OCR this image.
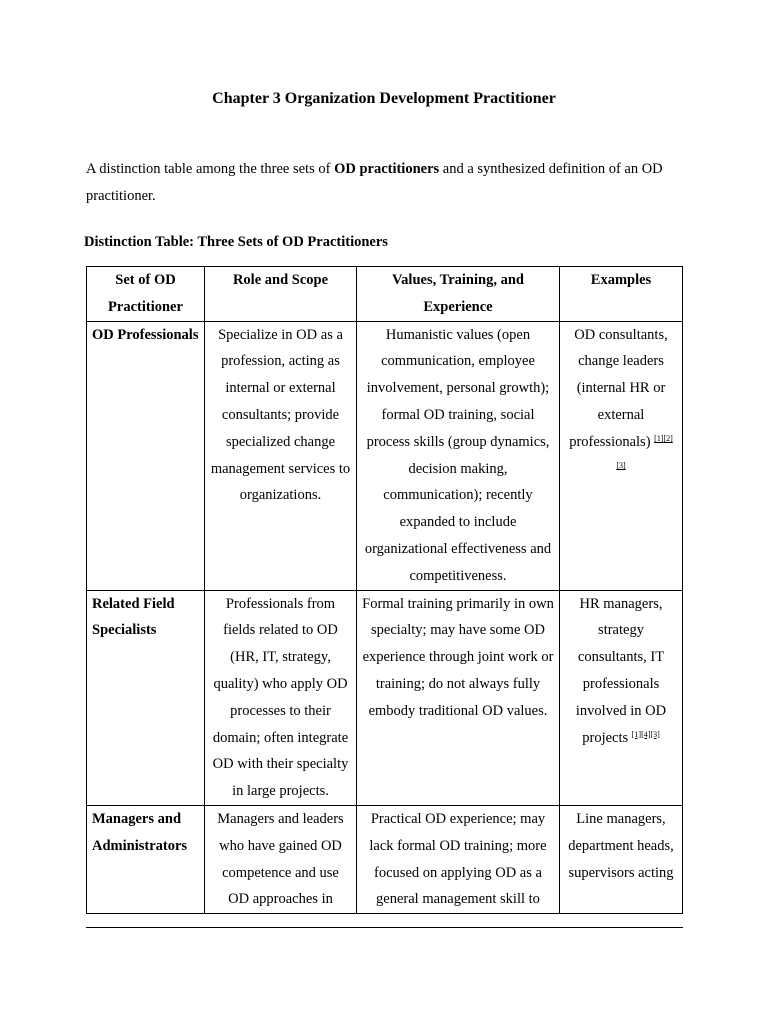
Chapter 3 Organization Development Practitioner
A distinction table among the three sets of OD practitioners and a synthesized definition of an OD practitioner.
Distinction Table: Three Sets of OD Practitioners
Set of OD Practitioner	Role and Scope	Values, Training, and Experience	Examples
OD Professionals	Specialize in OD as a profession, acting as internal or external consultants; provide specialized change management services to organizations.	Humanistic values (open communication, employee involvement, personal growth); formal OD training, social process skills (group dynamics, decision making, communication); recently expanded to include organizational effectiveness and competitiveness.	OD consultants, change leaders (internal HR or external professionals) [1][2][3]
Related Field Specialists	Professionals from fields related to OD (HR, IT, strategy, quality) who apply OD processes to their domain; often integrate OD with their specialty in large projects.	Formal training primarily in own specialty; may have some OD experience through joint work or training; do not always fully embody traditional OD values.	HR managers, strategy consultants, IT professionals involved in OD projects [1][4][3]
Managers and Administrators	Managers and leaders who have gained OD competence and use OD approaches in	Practical OD experience; may lack formal OD training; more focused on applying OD as a general management skill to	Line managers, department heads, supervisors acting
